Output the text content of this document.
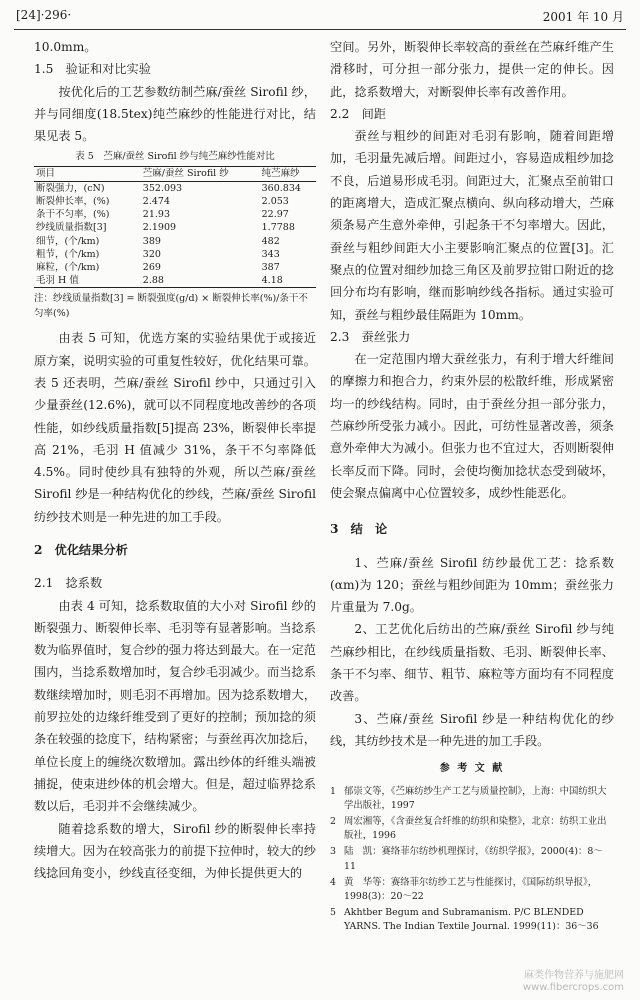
[24]·296·	2001 年 10 月

10.0mm。

1.5　验证和对比实验

按优化后的工艺参数纺制苎麻/蚕丝 Sirofil 纱，并与同细度(18.5tex)纯苎麻纱的性能进行对比，结果见表 5。

表 5　苎麻/蚕丝 Sirofil 纱与纯苎麻纱性能对比
项目	苎麻/蚕丝 Sirofil 纱	纯苎麻纱
断裂强力，(cN)	352.093	360.834
断裂伸长率，(%)	2.474	2.053
条干不匀率，(%)	21.93	22.97
纱线质量指数[3]	2.1909	1.7788
细节，(个/km)	389	482
粗节，(个/km)	320	343
麻粒，(个/km)	269	387
毛羽 H 值	2.88	4.18
注：纱线质量指数[3] = 断裂强度(g/d) × 断裂伸长率(%)/条干不匀率(%)

由表 5 可知，优选方案的实验结果优于或接近原方案，说明实验的可重复性较好，优化结果可靠。表 5 还表明，苎麻/蚕丝 Sirofil 纱中，只通过引入少量蚕丝(12.6%)，就可以不同程度地改善纱的各项性能，如纱线质量指数[5]提高 23%，断裂伸长率提高 21%，毛羽 H 值减少 31%，条干不匀率降低 4.5%。同时使纱具有独特的外观，所以苎麻/蚕丝 Sirofil 纱是一种结构优化的纱线，苎麻/蚕丝 Sirofil 纺纱技术则是一种先进的加工手段。

2　优化结果分析

2.1　捻系数

由表 4 可知，捻系数取值的大小对 Sirofil 纱的断裂强力、断裂伸长率、毛羽等有显著影响。当捻系数为临界值时，复合纱的强力将达到最大。在一定范围内，当捻系数增加时，复合纱毛羽减少。而当捻系数继续增加时，则毛羽不再增加。因为捻系数增大，前罗拉处的边缘纤维受到了更好的控制；预加捻的须条在较强的捻度下，结构紧密；与蚕丝再次加捻后，单位长度上的缠绕次数增加。露出纱体的纤维头端被捕捉，使束进纱体的机会增大。但是，超过临界捻系数以后，毛羽并不会继续减少。

随着捻系数的增大，Sirofil 纱的断裂伸长率持续增大。因为在较高张力的前提下拉伸时，较大的纱线捻回角变小，纱线直径变细，为伸长提供更大的

空间。另外，断裂伸长率较高的蚕丝在苎麻纤维产生滑移时，可分担一部分张力，提供一定的伸长。因此，捻系数增大，对断裂伸长率有改善作用。

2.2　间距

蚕丝与粗纱的间距对毛羽有影响，随着间距增加，毛羽量先减后增。间距过小，容易造成粗纱加捻不良，后道易形成毛羽。间距过大，汇聚点至前钳口的距离增大，造成汇聚点横向、纵向移动增大，苎麻须条易产生意外牵伸，引起条干不匀率增大。因此，蚕丝与粗纱间距大小主要影响汇聚点的位置[3]。汇聚点的位置对细纱加捻三角区及前罗拉钳口附近的捻回分布均有影响，继而影响纱线各指标。通过实验可知，蚕丝与粗纱最佳隔距为 10mm。

2.3　蚕丝张力

在一定范围内增大蚕丝张力，有利于增大纤维间的摩擦力和抱合力，约束外层的松散纤维，形成紧密均一的纱线结构。同时，由于蚕丝分担一部分张力，苎麻纱所受张力减小。因此，可纺性显著改善，须条意外牵伸大为减小。但张力也不宜过大，否则断裂伸长率反而下降。同时，会使均衡加捻状态受到破坏，使会聚点偏离中心位置较多，成纱性能恶化。

3　结　论

1、苎麻/蚕丝 Sirofil 纺纱最优工艺：捻系数(αm)为 120；蚕丝与粗纱间距为 10mm；蚕丝张力片重量为 7.0g。

2、工艺优化后纺出的苎麻/蚕丝 Sirofil 纱与纯苎麻纱相比，在纱线质量指数、毛羽、断裂伸长率、条干不匀率、细节、粗节、麻粒等方面均有不同程度改善。

3、苎麻/蚕丝 Sirofil 纱是一种结构优化的纱线，其纺纱技术是一种先进的加工手段。

参 考 文 献
1 郁崇文等，《苎麻纺纱生产工艺与质量控制》，上海：中国纺织大学出版社，1997
2 周宏湘等，《含蚕丝复合纤维的纺织和染整》，北京：纺织工业出版社，1996
3 陆　凯：赛络菲尔纺纱机理探讨，《纺织学报》，2000(4)：8～11
4 黄　华等：赛络菲尔纺纱工艺与性能探讨，《国际纺织导报》，1998(3)：20～22
5 Akhtber Begum and Subramanism. P/C BLENDED YARNS. The Indian Textile Journal. 1999(11)：36～36
麻类作物营养与施肥网
www.fibercrops.com
